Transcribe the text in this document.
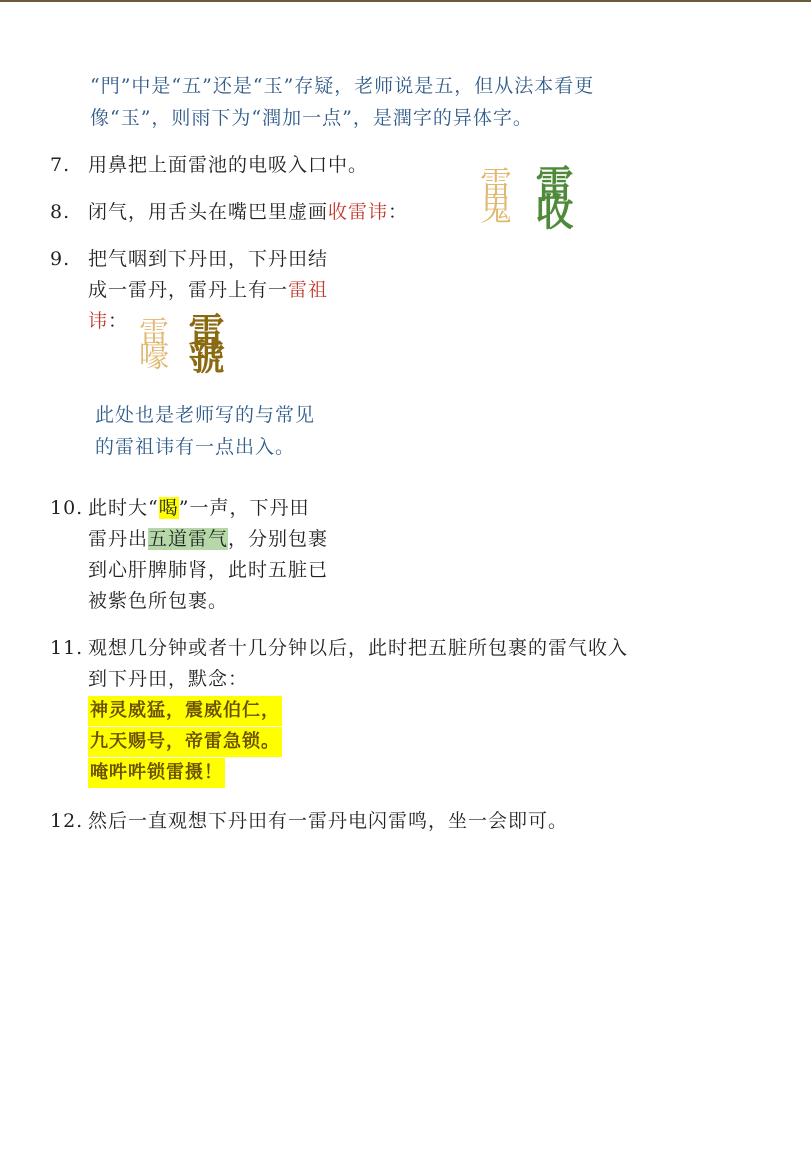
“門”中是“五”还是“玉”存疑，老师说是五，但从法本看更
像“玉”，则雨下为“潤加一点”，是潤字的异体字。
7. 用鼻把上面雷池的电吸入口中。
8. 闭气，用舌头在嘴巴里虚画收雷讳： 雷鬼 雷收
9. 把气咽到下丹田，下丹田结
成一雷丹，雷丹上有一雷祖
讳： 雷嚎 雷虢
此处也是老师写的与常见
的雷祖讳有一点出入。
10. 此时大“喝”一声，下丹田
雷丹出五道雷气，分别包裹
到心肝脾肺肾，此时五脏已
被紫色所包裹。
11. 观想几分钟或者十几分钟以后，此时把五脏所包裹的雷气收入
到下丹田，默念：
神灵威猛，震威伯仁，
九天赐号，帝雷急锁。
唵吽吽锁雷摄！
12. 然后一直观想下丹田有一雷丹电闪雷鸣，坐一会即可。
